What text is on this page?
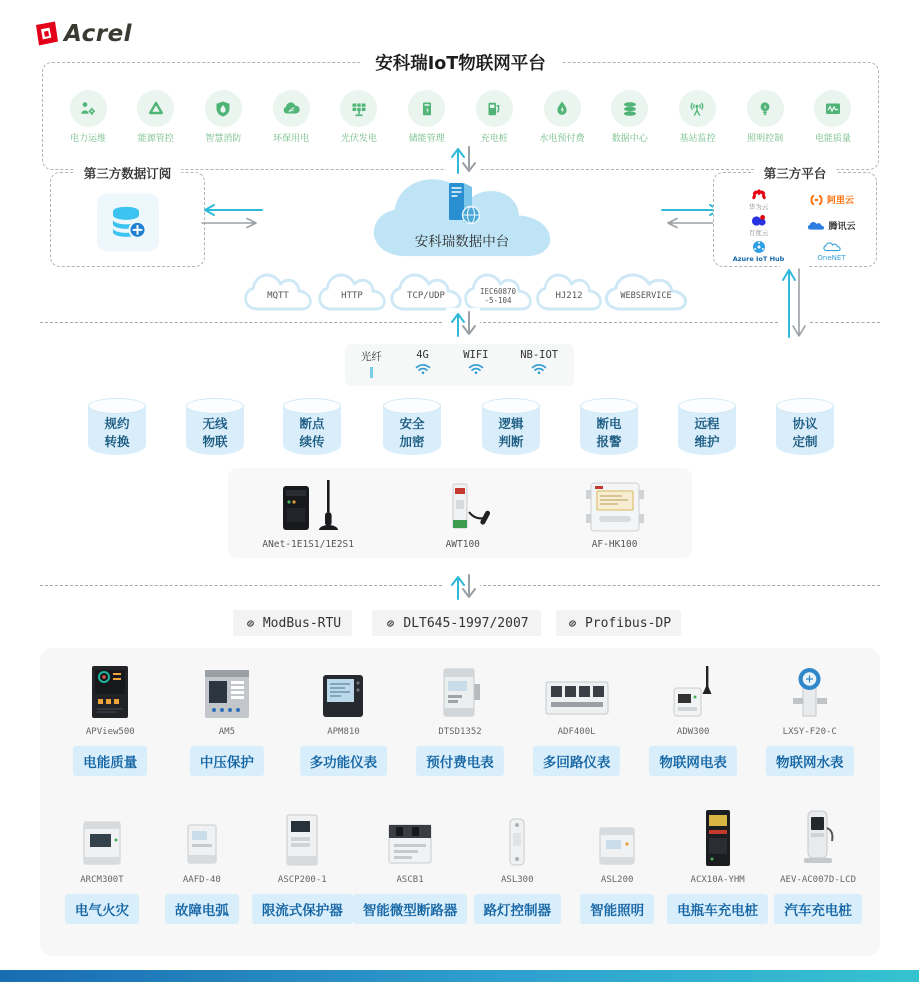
Acrel
安科瑞IoT物联网平台
电力运维	能源管控	智慧消防	环保用电	光伏发电	储能管理	充电桩	水电预付费	数据中心	基站监控	照明控制	电能质量
第三方数据订阅
安科瑞数据中台
第三方平台
华为云
阿里云
百度云
腾讯云
Azure IoT Hub	OneNET
MQTT	HTTP	TCP/UDP	IEC60870
-5-104	HJ212	WEBSERVICE
光纤	4G	WIFI	NB-IOT
规约
转换
无线
物联
断点
续传
安全
加密
逻辑
判断
断电
报警
远程
维护
协议
定制
ANet-1E1S1/1E2S1	AWT100	AF-HK100
ModBus-RTU	DLT645-1997/2007	Profibus-DP
APView500
电能质量
AM5
中压保护
APM810
多功能仪表
DTSD1352
预付费电表
ADF400L
多回路仪表
ADW300
物联网电表
LXSY-F20-C
物联网水表
ARCM300T
电气火灾
AAFD-40
故障电弧
ASCP200-1
限流式保护器
ASCB1
智能微型断路器
ASL300
路灯控制器
ASL200
智能照明
ACX10A-YHM
电瓶车充电桩
AEV-AC007D-LCD
汽车充电桩
